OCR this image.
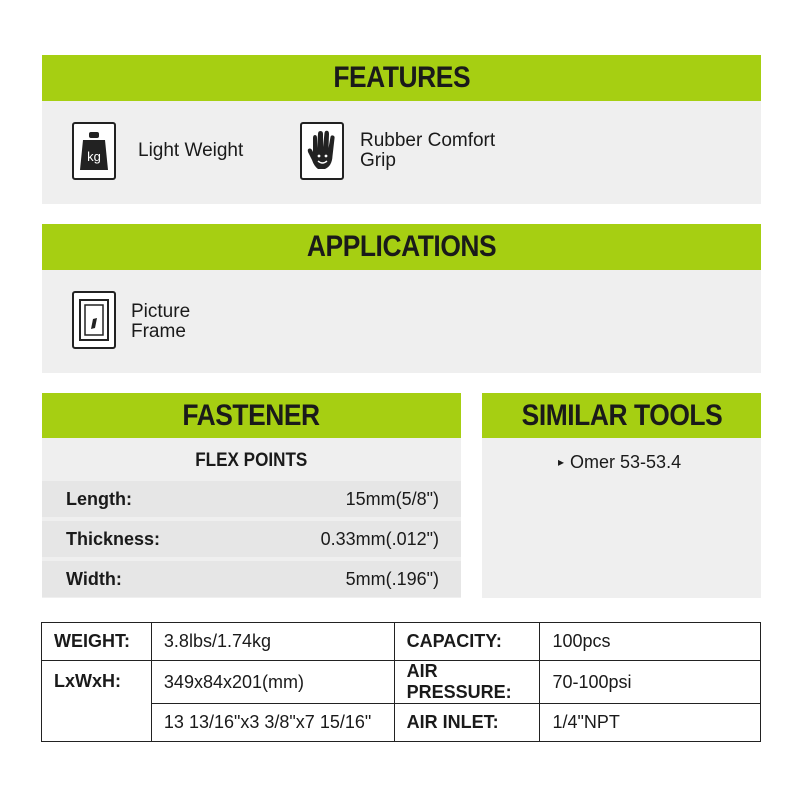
FEATURES
kg Light Weight	Rubber Comfort
Grip
APPLICATIONS
Picture
Frame
FASTENER
FLEX POINTS
Length:	15mm(5/8")
Thickness:	0.33mm(.012")
Width:	5mm(.196")
SIMILAR TOOLS
▸ Omer 53-53.4
WEIGHT:	3.8lbs/1.74kg	CAPACITY:	100pcs
LxWxH:	349x84x201(mm)	AIR PRESSURE:	70-100psi
	13 13/16"x3 3/8"x7 15/16"	AIR INLET:	1/4"NPT
